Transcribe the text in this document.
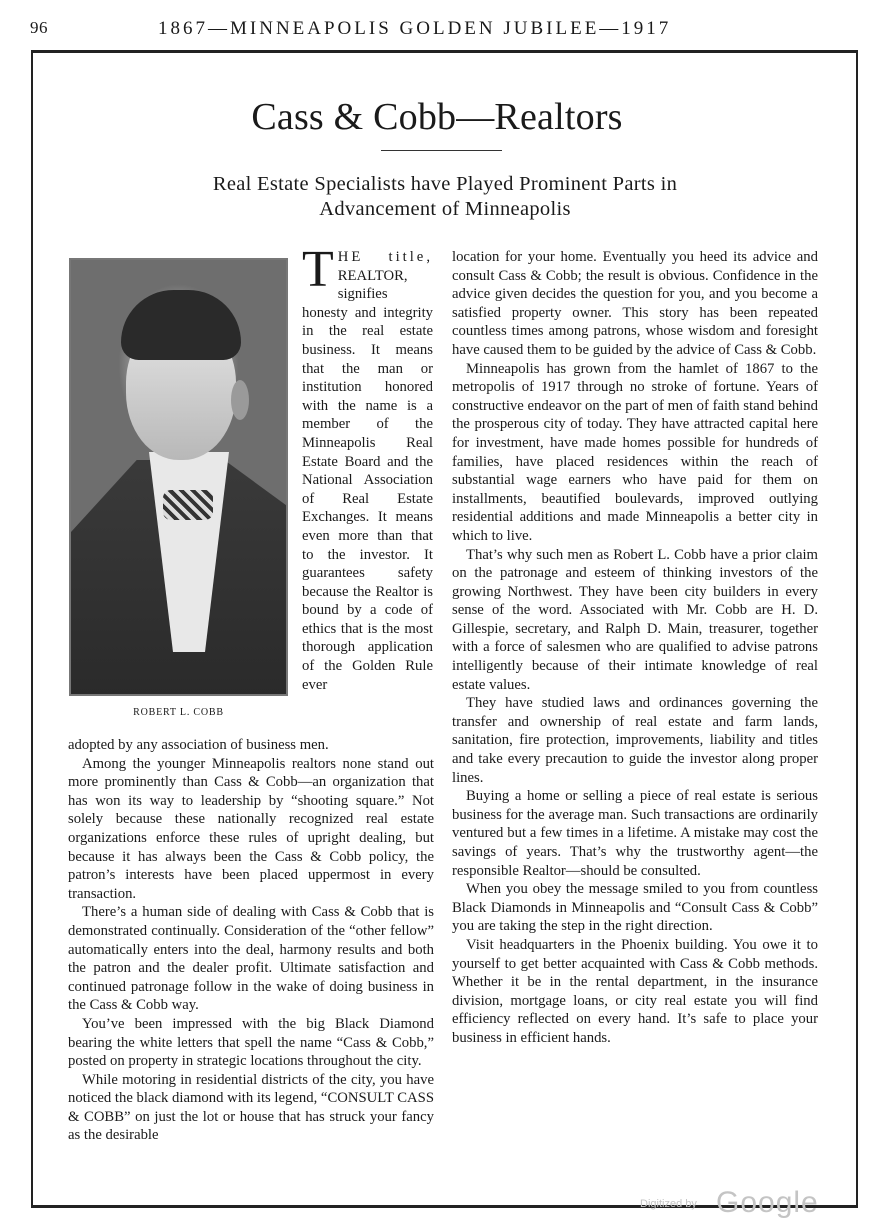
96	1867—MINNEAPOLIS GOLDEN JUBILEE—1917
Cass & Cobb—Realtors
Real Estate Specialists have Played Prominent Parts in
Advancement of Minneapolis
ROBERT L. COBB

THE title, REALTOR, signifies honesty and integrity in the real estate business. It means that the man or institution honored with the name is a member of the Minneapolis Real Estate Board and the National Association of Real Estate Exchanges. It means even more than that to the investor. It guarantees safety because the Realtor is bound by a code of ethics that is the most thorough application of the Golden Rule ever

adopted by any association of business men.

Among the younger Minneapolis realtors none stand out more prominently than Cass & Cobb—an organization that has won its way to leadership by “shooting square.” Not solely because these nationally recognized real estate organizations enforce these rules of upright dealing, but because it has always been the Cass & Cobb policy, the patron’s interests have been placed uppermost in every transaction.

There’s a human side of dealing with Cass & Cobb that is demonstrated continually. Consideration of the “other fellow” automatically enters into the deal, harmony results and both the patron and the dealer profit. Ultimate satisfaction and continued patronage follow in the wake of doing business in the Cass & Cobb way.

You’ve been impressed with the big Black Diamond bearing the white letters that spell the name “Cass & Cobb,” posted on property in strategic locations throughout the city.

While motoring in residential districts of the city, you have noticed the black diamond with its legend, “CONSULT CASS & COBB” on just the lot or house that has struck your fancy as the desirable

location for your home. Eventually you heed its advice and consult Cass & Cobb; the result is obvious. Confidence in the advice given decides the question for you, and you become a satisfied property owner. This story has been repeated countless times among patrons, whose wisdom and foresight have caused them to be guided by the advice of Cass & Cobb.

Minneapolis has grown from the hamlet of 1867 to the metropolis of 1917 through no stroke of fortune. Years of constructive endeavor on the part of men of faith stand behind the prosperous city of today. They have attracted capital here for investment, have made homes possible for hundreds of families, have placed residences within the reach of substantial wage earners who have paid for them on installments, beautified boulevards, improved outlying residential additions and made Minneapolis a better city in which to live.

That’s why such men as Robert L. Cobb have a prior claim on the patronage and esteem of thinking investors of the growing Northwest. They have been city builders in every sense of the word. Associated with Mr. Cobb are H. D. Gillespie, secretary, and Ralph D. Main, treasurer, together with a force of salesmen who are qualified to advise patrons intelligently because of their intimate knowledge of real estate values.

They have studied laws and ordinances governing the transfer and ownership of real estate and farm lands, sanitation, fire protection, improvements, liability and titles and take every precaution to guide the investor along proper lines.

Buying a home or selling a piece of real estate is serious business for the average man. Such transactions are ordinarily ventured but a few times in a lifetime. A mistake may cost the savings of years. That’s why the trustworthy agent—the responsible Realtor—should be consulted.

When you obey the message smiled to you from countless Black Diamonds in Minneapolis and “Consult Cass & Cobb” you are taking the step in the right direction.

Visit headquarters in the Phoenix building. You owe it to yourself to get better acquainted with Cass & Cobb methods. Whether it be in the rental department, in the insurance division, mortgage loans, or city real estate you will find efficiency reflected on every hand. It’s safe to place your business in efficient hands.

Digitized by Google
